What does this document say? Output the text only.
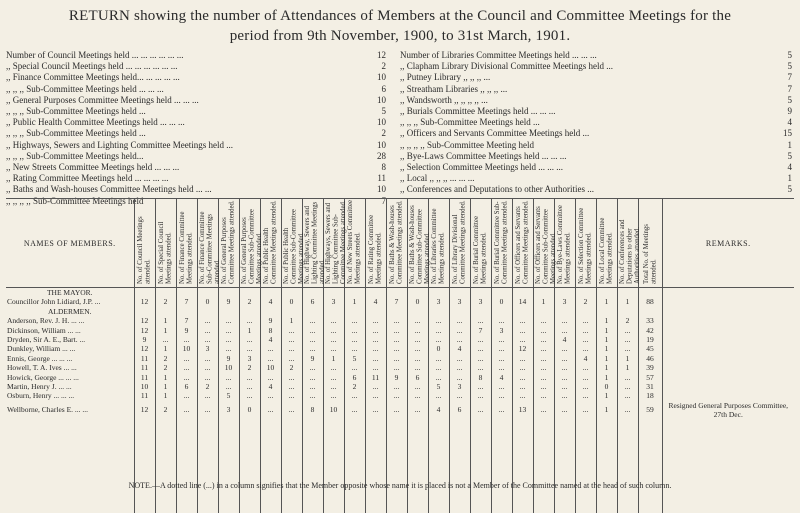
RETURN showing the number of Attendances of Members at the Council and Committee Meetings for the
period from 9th November, 1900, to 31st March, 1901.
Number of Council Meetings held ... ... ... ... ... ...	12
,, Special Council Meetings held ... ... ... ... ... ...	2
,, Finance Committee Meetings held... ... ... ... ...	10
,, ,, ,, Sub-Committee Meetings held ... ... ...	6
,, General Purposes Committee Meetings held ... ... ...	10
,, ,, ,, Sub-Committee Meetings held ...	5
,, Public Health Committee Meetings held ... ... ...	10
,, ,, ,, Sub-Committee Meetings held ...	2
,, Highways, Sewers and Lighting Committee Meetings held ...	10
,, ,, ,, Sub-Committee Meetings held...	28
,, New Streets Committee Meetings held ... ... ...	8
,, Rating Committee Meetings held ... ... ... ...	11
,, Baths and Wash-houses Committee Meetings held ... ...	10
,, ,, ,, ,, Sub-Committee Meetings held	7
Number of Libraries Committee Meetings held ... ... ...	5
,, Clapham Library Divisional Committee Meetings held ...	5
,, Putney Library ,, ,, ,, ...	7
,, Streatham Libraries ,, ,, ,, ...	7
,, Wandsworth ,, ,, ,, ,, ...	5
,, Burials Committee Meetings held ... ... ...	9
,, ,, ,, Sub-Committee Meetings held ...	4
,, Officers and Servants Committee Meetings held ...	15
,, ,, ,, ,, Sub-Committee Meeting held	1
,, Bye-Laws Committee Meetings held ... ... ...	5
,, Selection Committee Meetings held ... ... ...	4
,, Local ,, ,, ,, ... ... ...	1
,, Conferences and Deputations to other Authorities ...	5
NAMES OF MEMBERS.	No. of Council Meetings attended.	No. of Special Council Meetings attended.	No. of Finance Committee Meetings attended.	No. of Finance Committee Sub-Committee Meetings attended.	No. of General Purposes Committee Meetings attended.	No. of General Purposes Committee Sub-Committee Meetings attended.	No. of Public Health Committee Meetings attended.	No. of Public Health Committee Sub-Committee Meetings attended.	No. of Highway, Sewers and Lighting Committee Meetings attended.	No. of Highways, Sewers and Lighting Committee Sub-Committee Meetings attended.	No. of New Streets Committee Meetings attended.	No. of Rating Committee Meetings attended.	No. of Baths & Wash-houses Committee Meetings attended.	No. of Baths & Wash-houses Committee Sub-Committee Meetings attended.	No. of Libraries Committee Meetings attended.	No. of Library Divisional Committee Meetings attended.	No. of Burial Committee Meetings attended.	No. of Burial Committee Sub-Committee Meetings attended.	No. of Officers and Servants Committee Meetings attended.	No. of Officers and Servants Committee Sub-Committee Meetings attended.	No. of Bye-Laws Committee Meetings attended.	No. of Selection Committee Meetings attended.	No. of Local Committee Meetings attended.	No. of Conferences and Deputations to other Authorities attended.	Total No. of Meetings attended.	REMARKS.
THE MAYOR.																										
Councillor John Lidiard, J.P. ...	12	2	7	0	9	2	4	0	6	3	1	4	7	0	3	3	3	0	14	1	3	2	1	1	88	
ALDERMEN.																										
Anderson, Rev. J. H. ... ...	12	1	7	...	...	...	9	1	...	...	...	...	...	...	...	...	...	...	...	...	...	...	1	2	33	
Dickinson, William ... ...	12	1	9	...	...	1	8	...	...	...	...	...	...	...	...	...	7	3	...	...	...	...	1	...	42	
Dryden, Sir A. E., Bart. ...	9	...	...	...	...	...	4	...	...	...	...	...	...	...	...	...	...	...	...	...	4	...	1	...	19	
Dunkley, William ... ...	12	1	10	3	...	...	...	...	...	...	...	...	...	...	0	4	...	...	12	...	...	...	1	...	45	
Ennis, George ... ... ...	11	2	...	...	9	3	...	...	9	1	5	...	...	...	...	...	...	...	...	...	...	4	1	1	46	
Howell, T. A. Ives ... ...	11	2	...	...	10	2	10	2	...	...	...	...	...	...	...	...	...	...	...	...	...	...	1	1	39	
Howick, George ... ... ...	11	1	...	...	...	...	...	...	...	...	6	11	9	6	...	...	8	4	...	...	...	...	1	...	57	
Martin, Henry J. ... ...	10	1	6	2	...	...	4	...	...	...	2	...	...	...	5	3	...	...	...	...	...	...	0	...	31	
Osburn, Henry ... ... ...	11	1	...	...	5	...	...	...	...	...	...	...	...	...	...	...	...	...	...	...	...	...	1	...	18	
Wellborne, Charles E. ... ...	12	2	...	...	3	0	...	...	8	10	...	...	...	...	4	6	...	...	13	...	...	...	1	...	59	Resigned General Purposes Committee, 27th Dec.

NOTE.—A dotted line (...) in a column signifies that the Member opposite whose name it is placed is not a Member of the Committee named at the head of such column.
